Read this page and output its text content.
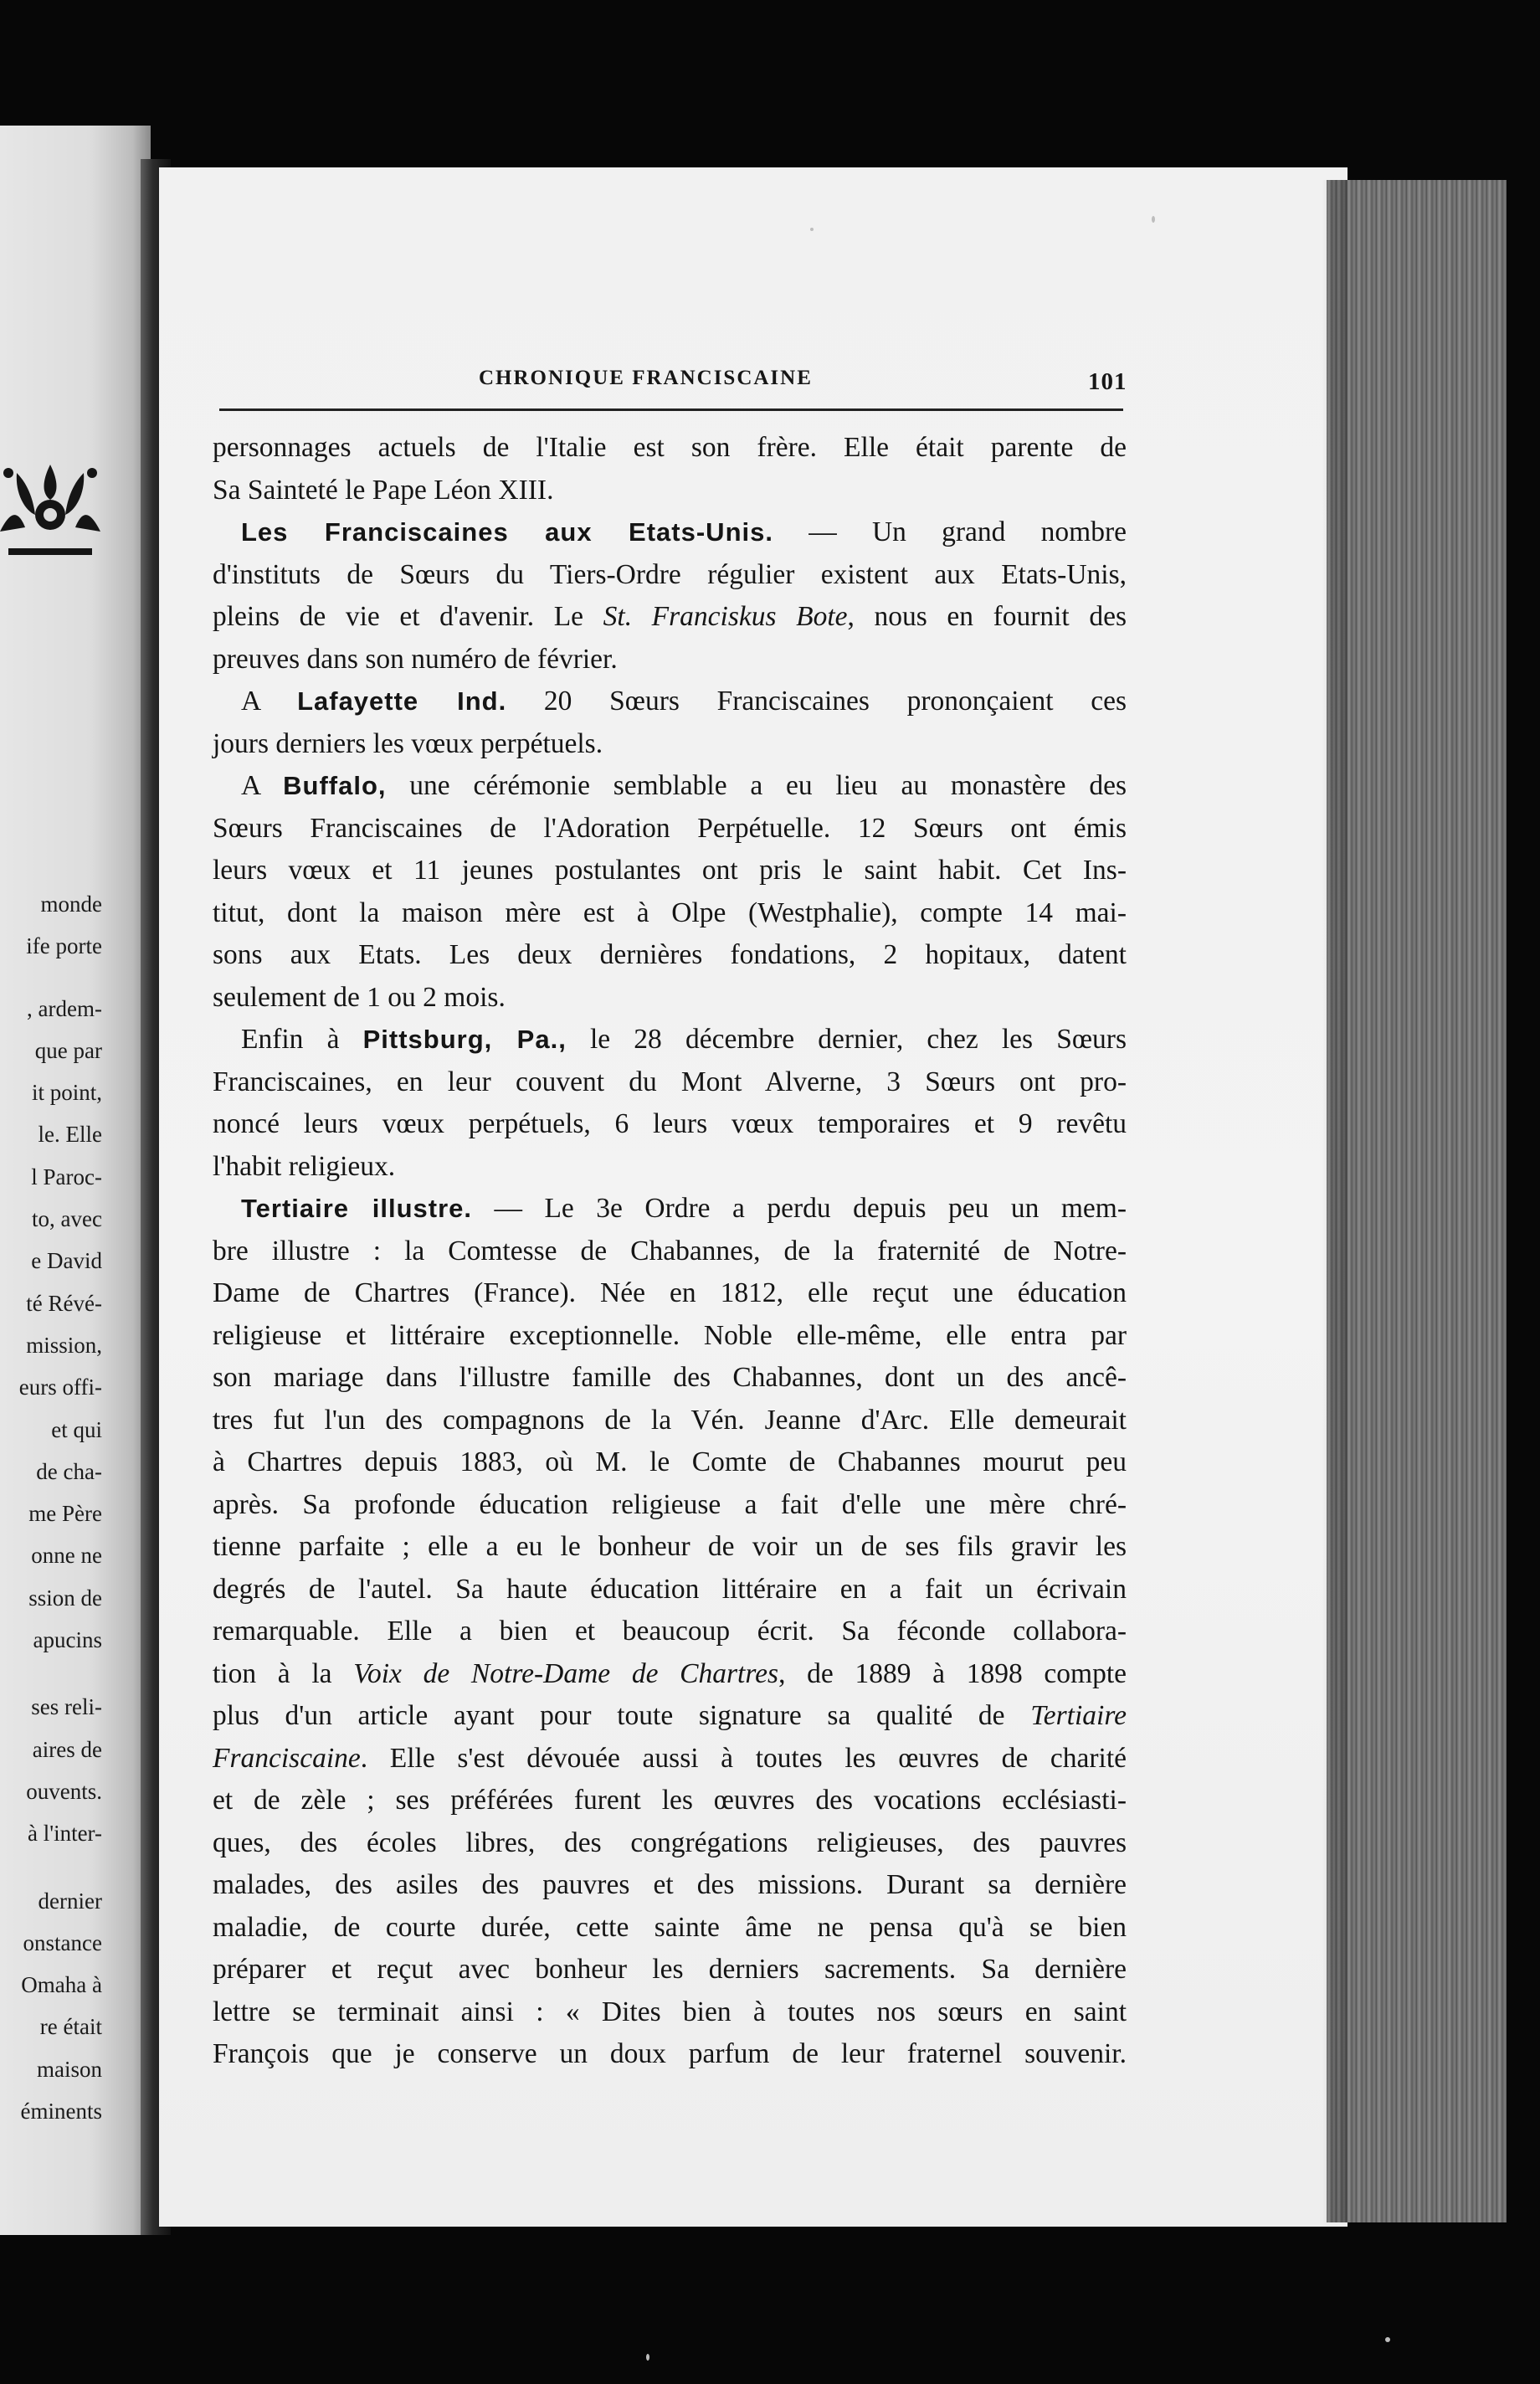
monde
ife porte
, ardem-
que par
it point,
le. Elle
l Paroc-
to, avec
e David
té Révé-
mission,
eurs offi-
et qui
de cha-
me Père
onne ne
ssion de
apucins
ses reli-
aires de
ouvents.
à l'inter-
dernier
onstance
Omaha à
re était
maison
éminents
CHRONIQUE FRANCISCAINE	101
personnages actuels de l'Italie est son frère. Elle était parente de
Sa Sainteté le Pape Léon XIII.
Les Franciscaines aux Etats-Unis. — Un grand nombre
d'instituts de Sœurs du Tiers-Ordre régulier existent aux Etats-Unis,
pleins de vie et d'avenir. Le St. Franciskus Bote, nous en fournit des
preuves dans son numéro de février.
A Lafayette Ind. 20 Sœurs Franciscaines prononçaient ces
jours derniers les vœux perpétuels.
A Buffalo, une cérémonie semblable a eu lieu au monastère des
Sœurs Franciscaines de l'Adoration Perpétuelle. 12 Sœurs ont émis
leurs vœux et 11 jeunes postulantes ont pris le saint habit. Cet Ins-
titut, dont la maison mère est à Olpe (Westphalie), compte 14 mai-
sons aux Etats. Les deux dernières fondations, 2 hopitaux, datent
seulement de 1 ou 2 mois.
Enfin à Pittsburg, Pa., le 28 décembre dernier, chez les Sœurs
Franciscaines, en leur couvent du Mont Alverne, 3 Sœurs ont pro-
noncé leurs vœux perpétuels, 6 leurs vœux temporaires et 9 revêtu
l'habit religieux.
Tertiaire illustre. — Le 3e Ordre a perdu depuis peu un mem-
bre illustre : la Comtesse de Chabannes, de la fraternité de Notre-
Dame de Chartres (France). Née en 1812, elle reçut une éducation
religieuse et littéraire exceptionnelle. Noble elle-même, elle entra par
son mariage dans l'illustre famille des Chabannes, dont un des ancê-
tres fut l'un des compagnons de la Vén. Jeanne d'Arc. Elle demeurait
à Chartres depuis 1883, où M. le Comte de Chabannes mourut peu
après. Sa profonde éducation religieuse a fait d'elle une mère chré-
tienne parfaite ; elle a eu le bonheur de voir un de ses fils gravir les
degrés de l'autel. Sa haute éducation littéraire en a fait un écrivain
remarquable. Elle a bien et beaucoup écrit. Sa féconde collabora-
tion à la Voix de Notre-Dame de Chartres, de 1889 à 1898 compte
plus d'un article ayant pour toute signature sa qualité de Tertiaire
Franciscaine. Elle s'est dévouée aussi à toutes les œuvres de charité
et de zèle ; ses préférées furent les œuvres des vocations ecclésiasti-
ques, des écoles libres, des congrégations religieuses, des pauvres
malades, des asiles des pauvres et des missions. Durant sa dernière
maladie, de courte durée, cette sainte âme ne pensa qu'à se bien
préparer et reçut avec bonheur les derniers sacrements. Sa dernière
lettre se terminait ainsi : « Dites bien à toutes nos sœurs en saint
François que je conserve un doux parfum de leur fraternel souvenir.
